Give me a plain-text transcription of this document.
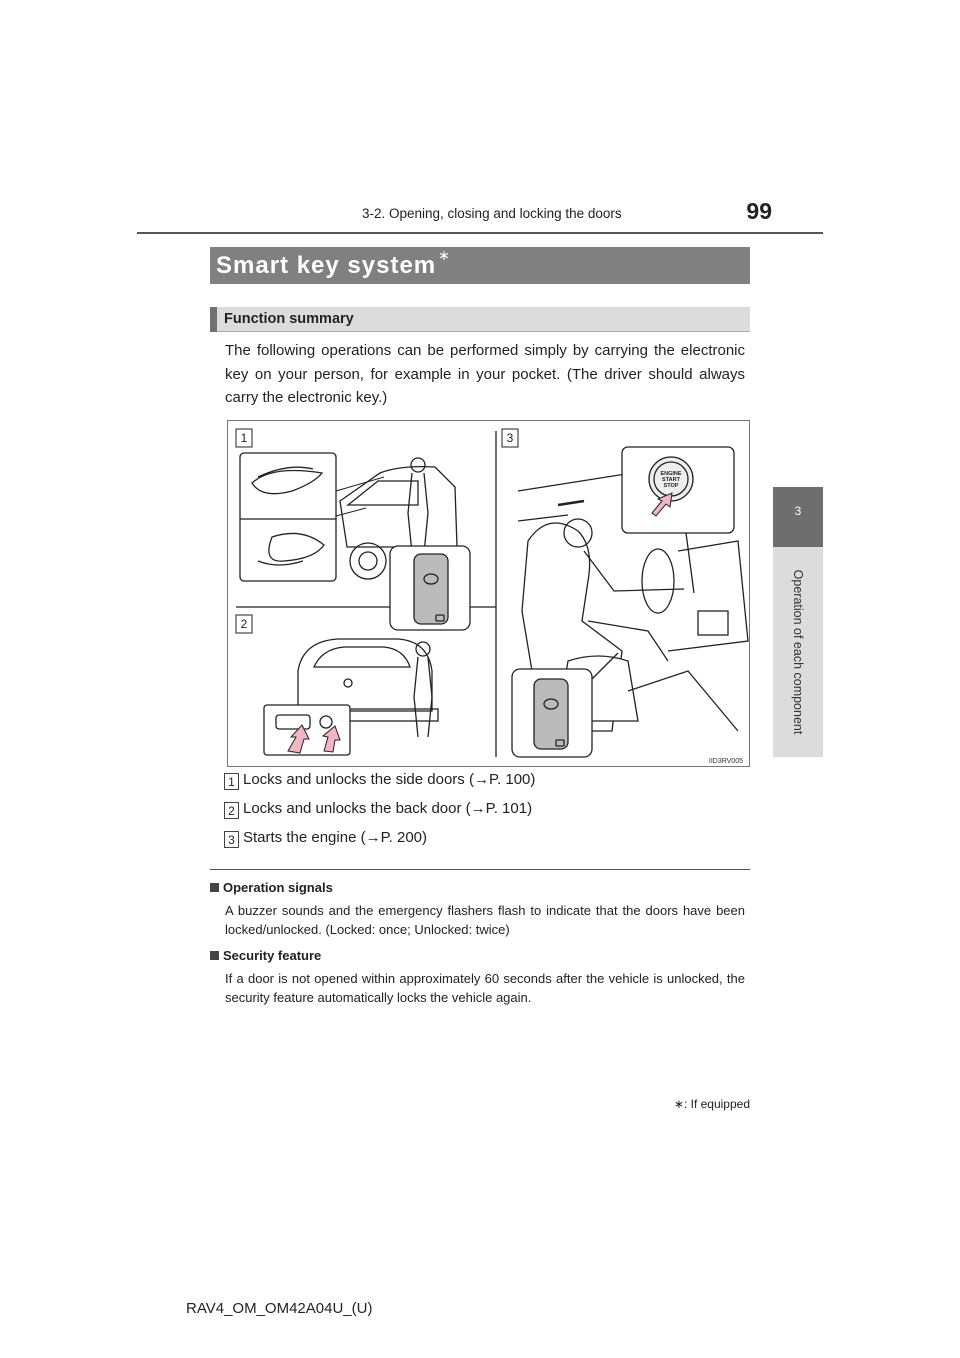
99
3-2. Opening, closing and locking the doors
3
Operation of each component
Smart key system ∗
Function summary
The following operations can be performed simply by carrying the electronic key on your person, for example in your pocket. (The driver should always carry the electronic key.)
1
2
3
ENGINE
START
STOP
IID3RV005
1 Locks and unlocks the side doors (→P. 100)
2 Locks and unlocks the back door (→P. 101)
3 Starts the engine (→P. 200)
Operation signals
A buzzer sounds and the emergency flashers flash to indicate that the doors have been locked/unlocked. (Locked: once; Unlocked: twice)
Security feature
If a door is not opened within approximately 60 seconds after the vehicle is unlocked, the security feature automatically locks the vehicle again.
∗: If equipped
RAV4_OM_OM42A04U_(U)
